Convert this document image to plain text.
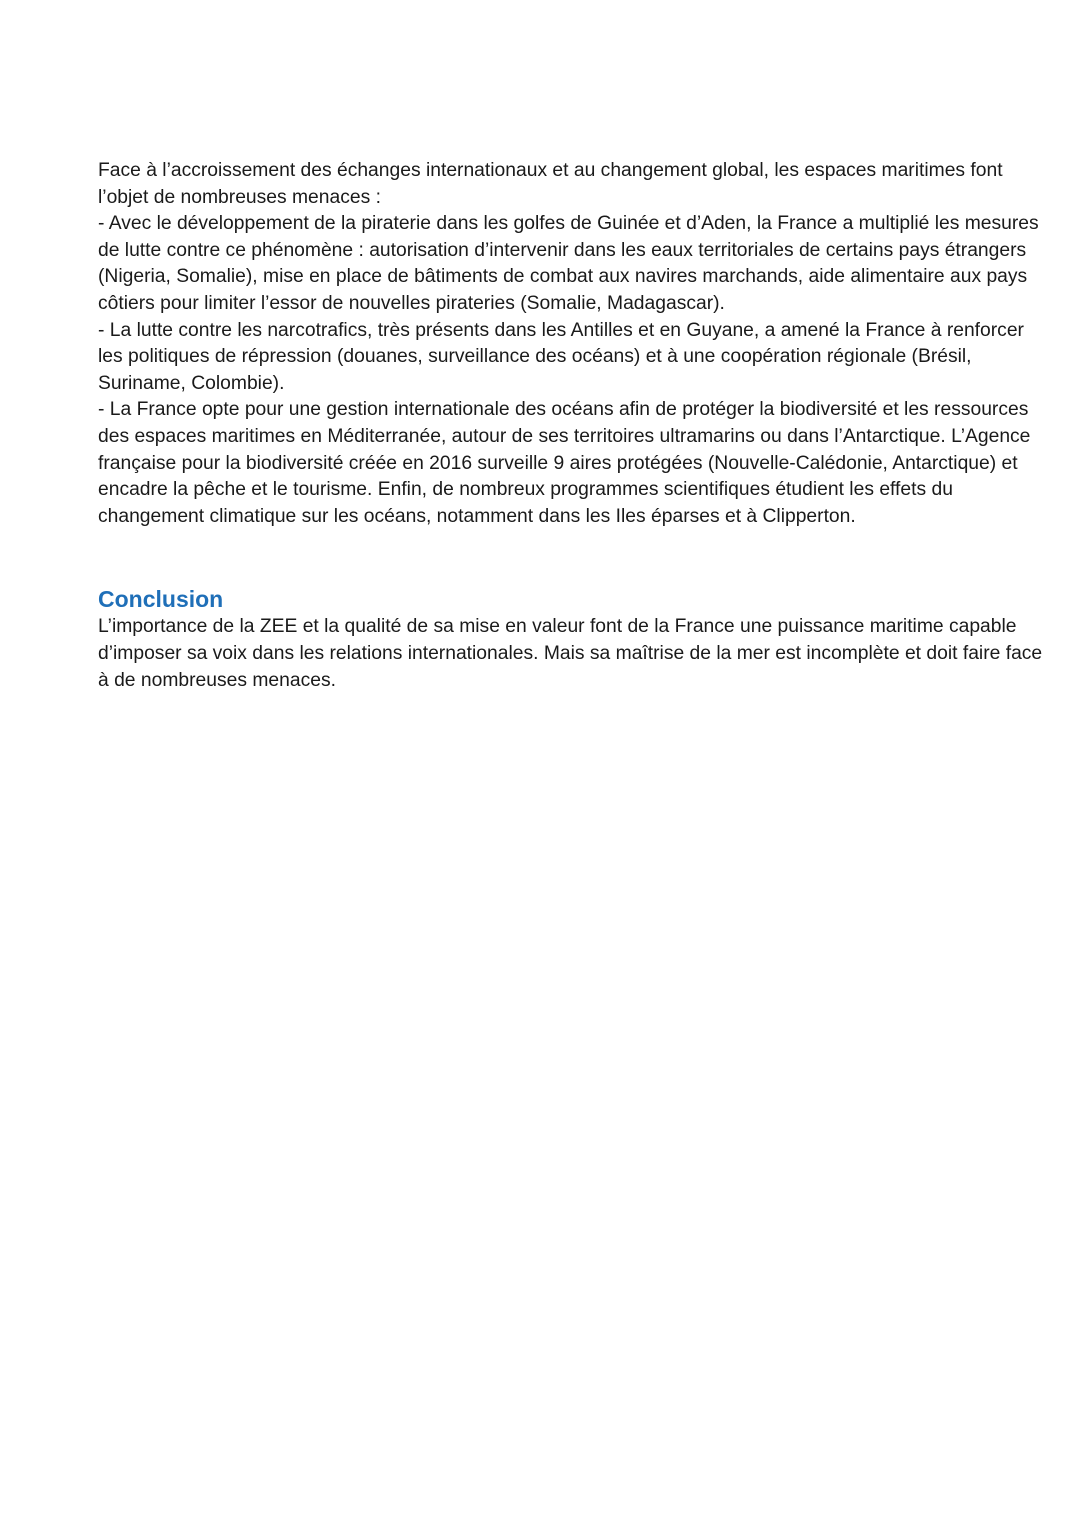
Face à l’accroissement des échanges internationaux et au changement global, les espaces maritimes font l’objet de nombreuses menaces :

- Avec le développement de la piraterie dans les golfes de Guinée et d’Aden, la France a multiplié les mesures de lutte contre ce phénomène : autorisation d’intervenir dans les eaux territoriales de certains pays étrangers (Nigeria, Somalie), mise en place de bâtiments de combat aux navires marchands, aide alimentaire aux pays côtiers pour limiter l’essor de nouvelles pirateries (Somalie, Madagascar).

- La lutte contre les narcotrafics, très présents dans les Antilles et en Guyane, a amené la France à renforcer les politiques de répression (douanes, surveillance des océans) et à une coopération régionale (Brésil, Suriname, Colombie).

- La France opte pour une gestion internationale des océans afin de protéger la biodiversité et les ressources des espaces maritimes en Méditerranée, autour de ses territoires ultramarins ou dans l’Antarctique. L’Agence française pour la biodiversité créée en 2016 surveille 9 aires protégées (Nouvelle-Calédonie, Antarctique) et encadre la pêche et le tourisme. Enfin, de nombreux programmes scientifiques étudient les effets du changement climatique sur les océans, notamment dans les Iles éparses et à Clipperton.

Conclusion

L’importance de la ZEE et la qualité de sa mise en valeur font de la France une puissance maritime capable d’imposer sa voix dans les relations internationales. Mais sa maîtrise de la mer est incomplète et doit faire face à de nombreuses menaces.
